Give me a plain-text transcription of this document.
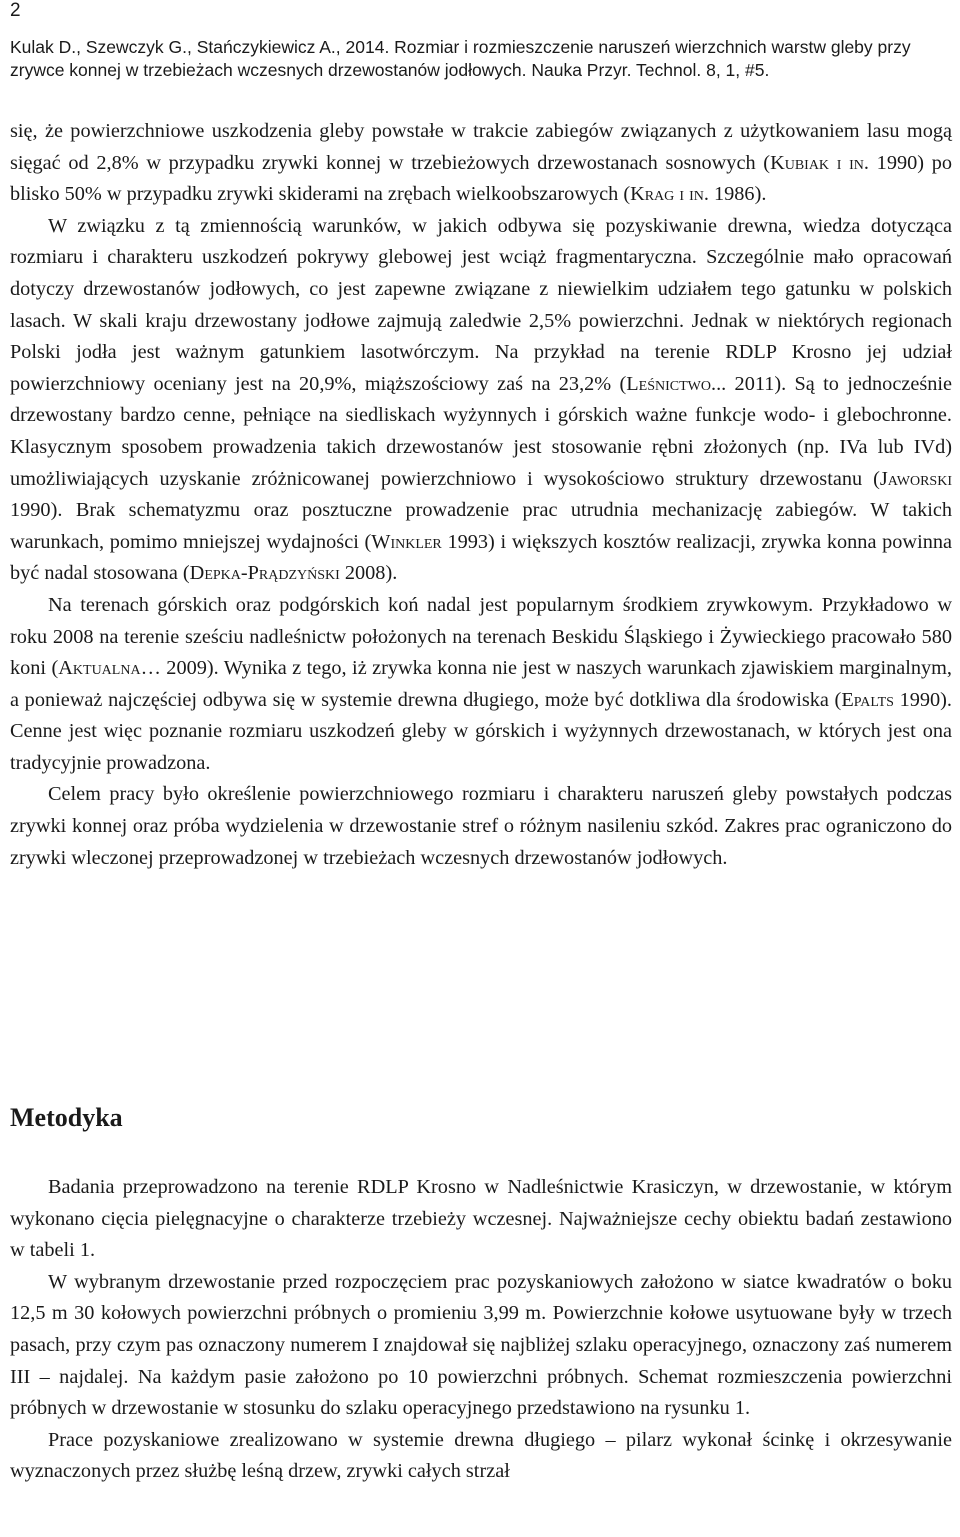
2
Kulak D., Szewczyk G., Stańczykiewicz A., 2014. Rozmiar i rozmieszczenie naruszeń wierzchnich warstw gleby przy zrywce konnej w trzebieżach wczesnych drzewostanów jodłowych. Nauka Przyr. Technol. 8, 1, #5.

się, że powierzchniowe uszkodzenia gleby powstałe w trakcie zabiegów związanych z użytkowaniem lasu mogą sięgać od 2,8% w przypadku zrywki konnej w trzebieżowych drzewostanach sosnowych (Kubiak i in. 1990) po blisko 50% w przypadku zrywki skiderami na zrębach wielkoobszarowych (Krag i in. 1986).

W związku z tą zmiennością warunków, w jakich odbywa się pozyskiwanie drewna, wiedza dotycząca rozmiaru i charakteru uszkodzeń pokrywy glebowej jest wciąż fragmentaryczna. Szczególnie mało opracowań dotyczy drzewostanów jodłowych, co jest zapewne związane z niewielkim udziałem tego gatunku w polskich lasach. W skali kraju drzewostany jodłowe zajmują zaledwie 2,5% powierzchni. Jednak w niektórych regionach Polski jodła jest ważnym gatunkiem lasotwórczym. Na przykład na terenie RDLP Krosno jej udział powierzchniowy oceniany jest na 20,9%, miąższościowy zaś na 23,2% (Leśnictwo... 2011). Są to jednocześnie drzewostany bardzo cenne, pełniące na siedliskach wyżynnych i górskich ważne funkcje wodo- i glebochronne. Klasycznym sposobem prowadzenia takich drzewostanów jest stosowanie rębni złożonych (np. IVa lub IVd) umożliwiających uzyskanie zróżnicowanej powierzchniowo i wysokościowo struktury drzewostanu (Jaworski 1990). Brak schematyzmu oraz posztuczne prowadzenie prac utrudnia mechanizację zabiegów. W takich warunkach, pomimo mniejszej wydajności (Winkler 1993) i większych kosztów realizacji, zrywka konna powinna być nadal stosowana (Depka-Prądzyński 2008).

Na terenach górskich oraz podgórskich koń nadal jest popularnym środkiem zrywkowym. Przykładowo w roku 2008 na terenie sześciu nadleśnictw położonych na terenach Beskidu Śląskiego i Żywieckiego pracowało 580 koni (Aktualna… 2009). Wynika z tego, iż zrywka konna nie jest w naszych warunkach zjawiskiem marginalnym, a ponieważ najczęściej odbywa się w systemie drewna długiego, może być dotkliwa dla środowiska (Epalts 1990). Cenne jest więc poznanie rozmiaru uszkodzeń gleby w górskich i wyżynnych drzewostanach, w których jest ona tradycyjnie prowadzona.

Celem pracy było określenie powierzchniowego rozmiaru i charakteru naruszeń gleby powstałych podczas zrywki konnej oraz próba wydzielenia w drzewostanie stref o różnym nasileniu szkód. Zakres prac ograniczono do zrywki wleczonej przeprowadzonej w trzebieżach wczesnych drzewostanów jodłowych.

Metodyka

Badania przeprowadzono na terenie RDLP Krosno w Nadleśnictwie Krasiczyn, w drzewostanie, w którym wykonano cięcia pielęgnacyjne o charakterze trzebieży wczesnej. Najważniejsze cechy obiektu badań zestawiono w tabeli 1.

W wybranym drzewostanie przed rozpoczęciem prac pozyskaniowych założono w siatce kwadratów o boku 12,5 m 30 kołowych powierzchni próbnych o promieniu 3,99 m. Powierzchnie kołowe usytuowane były w trzech pasach, przy czym pas oznaczony numerem I znajdował się najbliżej szlaku operacyjnego, oznaczony zaś numerem III – najdalej. Na każdym pasie założono po 10 powierzchni próbnych. Schemat rozmieszczenia powierzchni próbnych w drzewostanie w stosunku do szlaku operacyjnego przedstawiono na rysunku 1.

Prace pozyskaniowe zrealizowano w systemie drewna długiego – pilarz wykonał ścinkę i okrzesywanie wyznaczonych przez służbę leśną drzew, zrywki całych strzał
